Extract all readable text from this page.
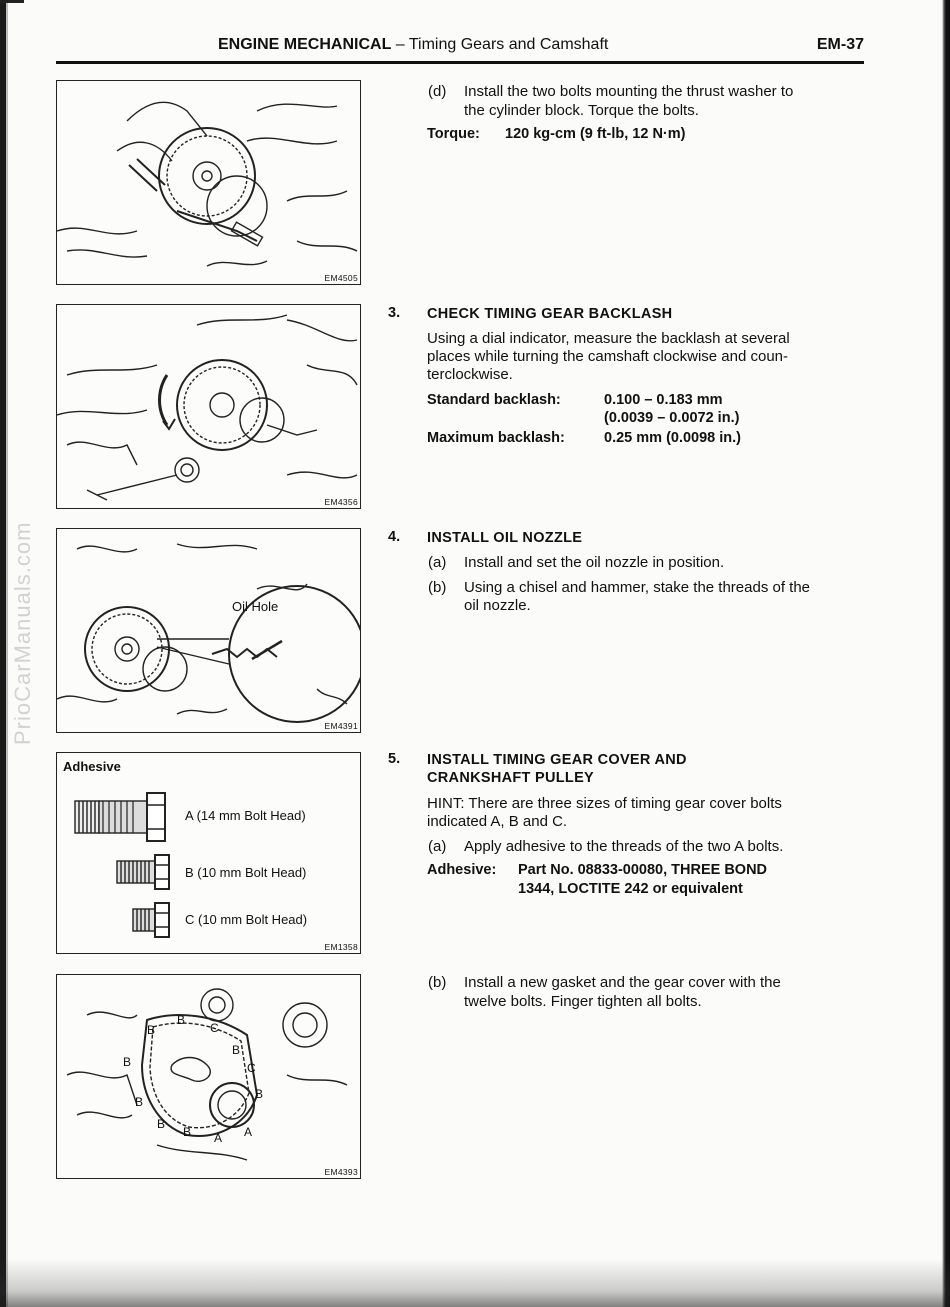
PrioCarManuals.com
ENGINE MECHANICAL – Timing Gears and Camshaft	EM-37
EM4505
EM4356
Oil Hole
EM4391
Adhesive
A (14 mm Bolt Head)
B (10 mm Bolt Head)
C (10 mm Bolt Head)
EM1358
B
B
C
B
B
C
B
B
B
B A A
EM4393
(d) Install the two bolts mounting the thrust washer to
the cylinder block. Torque the bolts.
Torque: 120 kg-cm (9 ft-lb, 12 N·m)
3. CHECK TIMING GEAR BACKLASH
Using a dial indicator, measure the backlash at several
places while turning the camshaft clockwise and coun-
terclockwise.
Standard backlash:	0.100 – 0.183 mm
(0.0039 – 0.0072 in.)
Maximum backlash:	0.25 mm (0.0098 in.)
4. INSTALL OIL NOZZLE
(a) Install and set the oil nozzle in position.
(b) Using a chisel and hammer, stake the threads of the
oil nozzle.
5. INSTALL TIMING GEAR COVER AND
CRANKSHAFT PULLEY
HINT: There are three sizes of timing gear cover bolts
indicated A, B and C.
(a) Apply adhesive to the threads of the two A bolts.
Adhesive: Part No. 08833-00080, THREE BOND
1344, LOCTITE 242 or equivalent
(b) Install a new gasket and the gear cover with the
twelve bolts. Finger tighten all bolts.
